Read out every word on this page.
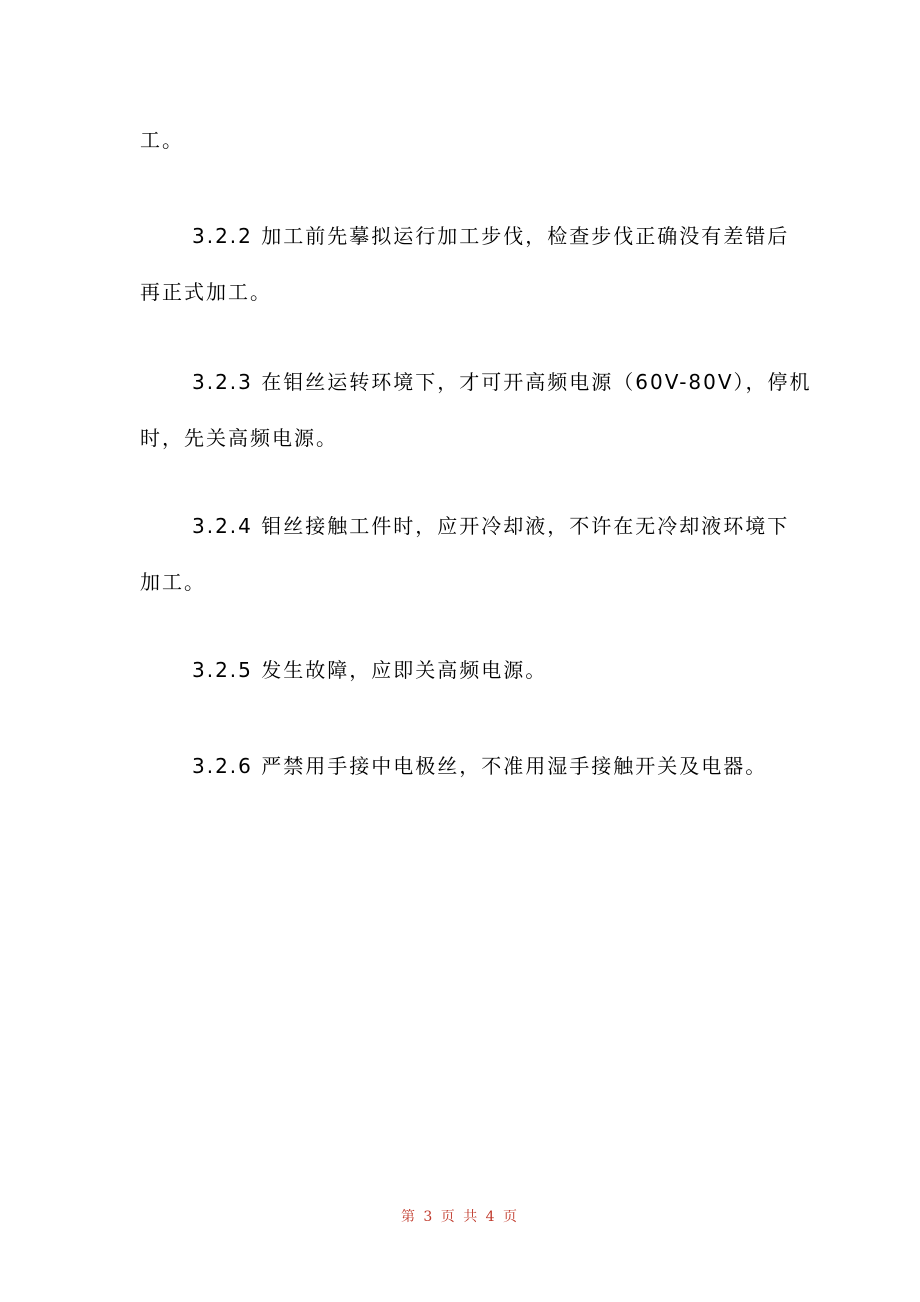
工。
3.2.2 加工前先摹拟运行加工步伐，检查步伐正确没有差错后
再正式加工。
3.2.3 在钼丝运转环境下，才可开高频电源（60V-80V），停机
时，先关高频电源。
3.2.4 钼丝接触工件时，应开冷却液，不许在无冷却液环境下
加工。
3.2.5 发生故障，应即关高频电源。
3.2.6 严禁用手接中电极丝，不准用湿手接触开关及电器。
第 3 页 共 4 页
